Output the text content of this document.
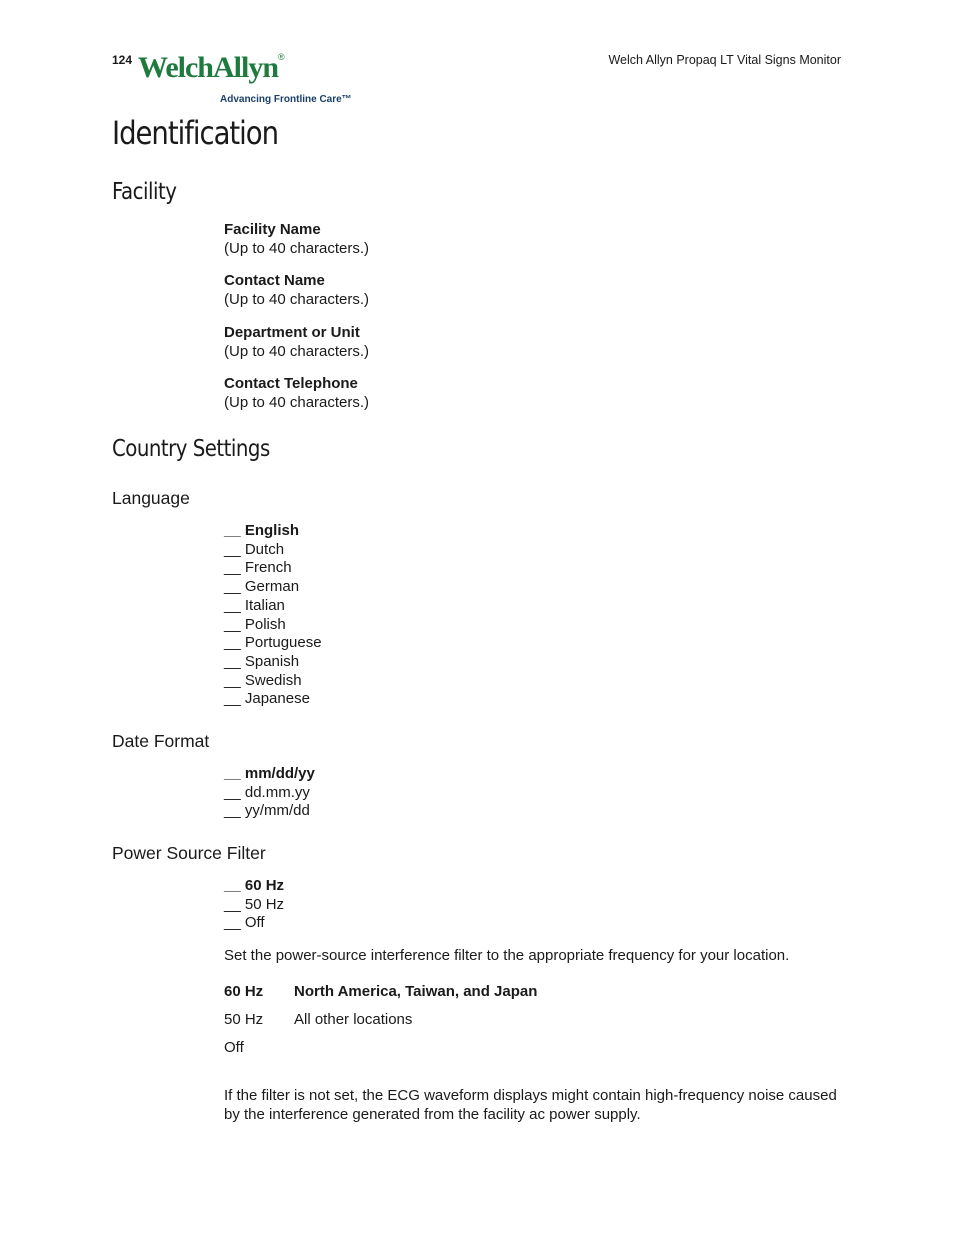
124 WelchAllyn®
Advancing Frontline Care™
Welch Allyn Propaq LT Vital Signs Monitor
Identification
Facility
Facility Name
(Up to 40 characters.)
Contact Name
(Up to 40 characters.)
Department or Unit
(Up to 40 characters.)
Contact Telephone
(Up to 40 characters.)
Country Settings
Language
__ English
__ Dutch
__ French
__ German
__ Italian
__ Polish
__ Portuguese
__ Spanish
__ Swedish
__ Japanese
Date Format
__ mm/dd/yy
__ dd.mm.yy
__ yy/mm/dd
Power Source Filter
__ 60 Hz
__ 50 Hz
__ Off
Set the power-source interference filter to the appropriate frequency for your location.
60 Hz North America, Taiwan, and Japan
50 Hz All other locations
Off
If the filter is not set, the ECG waveform displays might contain high-frequency noise caused by the interference generated from the facility ac power supply.
